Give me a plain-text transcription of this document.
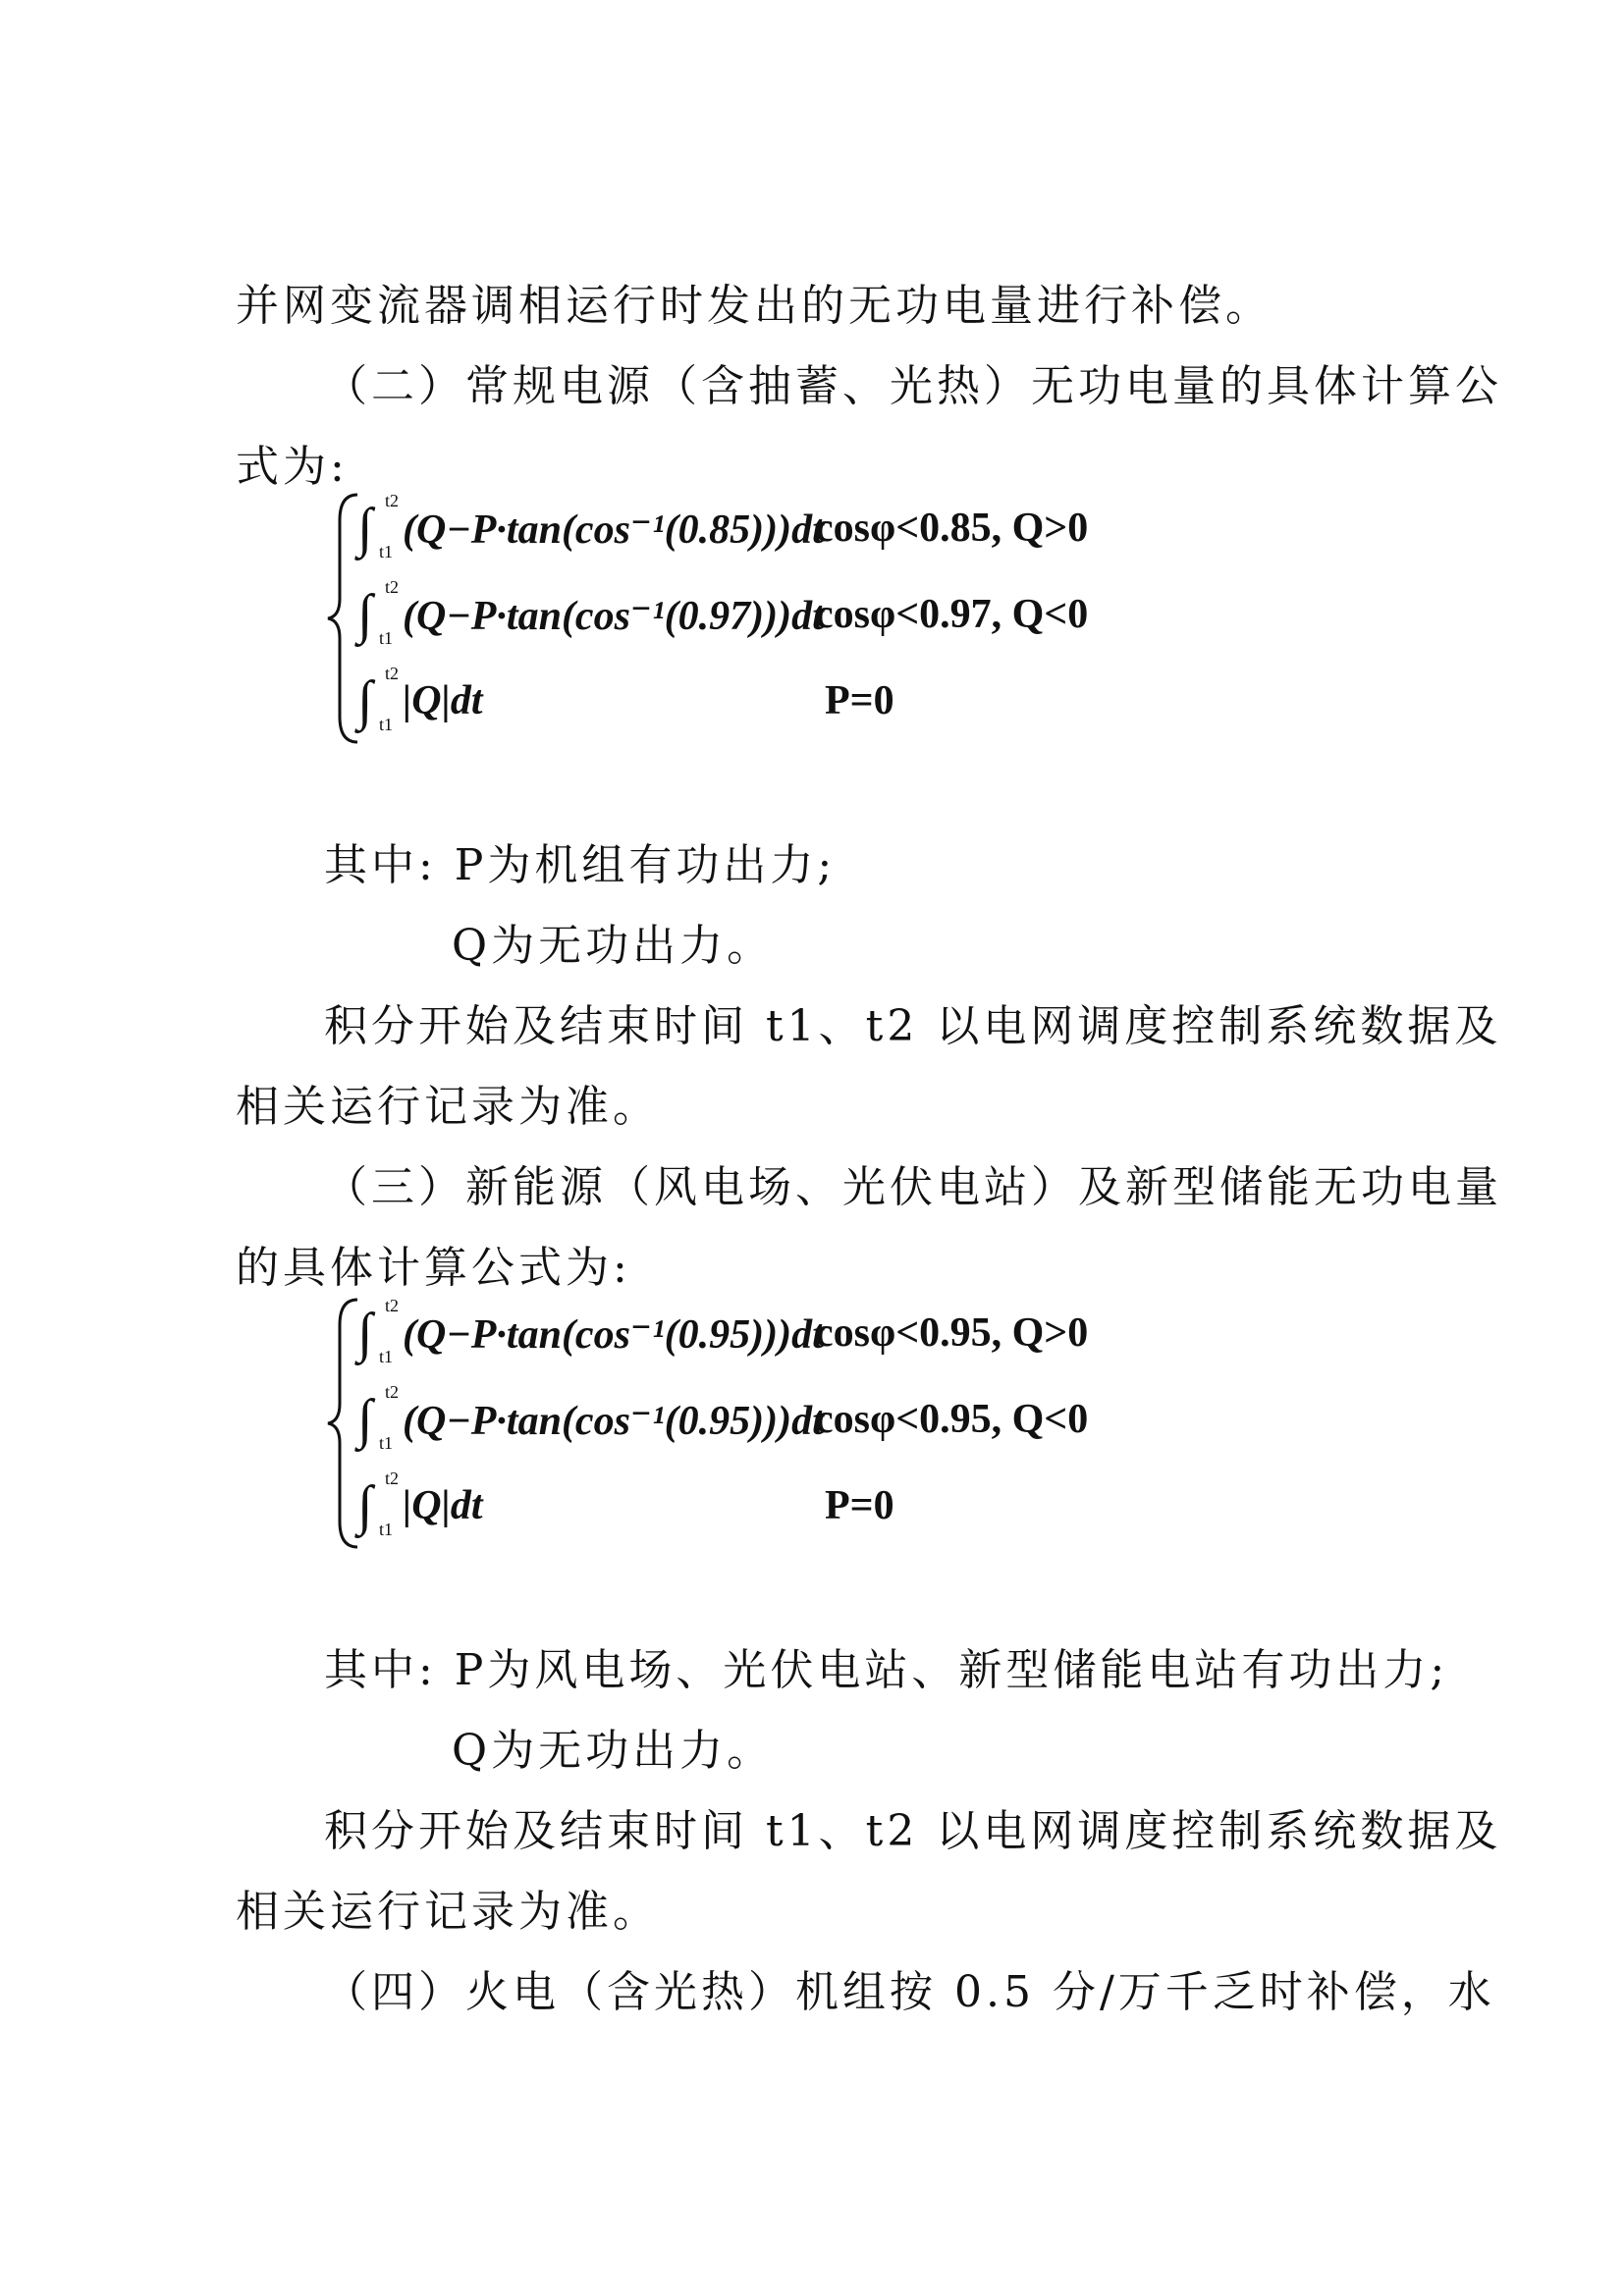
并网变流器调相运行时发出的无功电量进行补偿。
（二）常规电源（含抽蓄、光热）无功电量的具体计算公
式为:
∫ t2
t1 (Q−P·tan(cos⁻¹(0.85)))dt
cosφ<0.85, Q>0
∫ t2
t1 (Q−P·tan(cos⁻¹(0.97)))dt
cosφ<0.97, Q<0
∫ t2
t1
|Q|dt	P=0
其中: P为机组有功出力;
Q为无功出力。
积分开始及结束时间 t1、t2 以电网调度控制系统数据及
相关运行记录为准。
（三）新能源（风电场、光伏电站）及新型储能无功电量
的具体计算公式为:
∫ t2
t1 (Q−P·tan(cos⁻¹(0.95)))dt
cosφ<0.95, Q>0
∫ t2
t1 (Q−P·tan(cos⁻¹(0.95)))dt
cosφ<0.95, Q<0
∫ t2
t1
|Q|dt	P=0
其中: P为风电场、光伏电站、新型储能电站有功出力;
Q为无功出力。
积分开始及结束时间 t1、t2 以电网调度控制系统数据及
相关运行记录为准。
（四）火电（含光热）机组按 0.5 分/万千乏时补偿，水
